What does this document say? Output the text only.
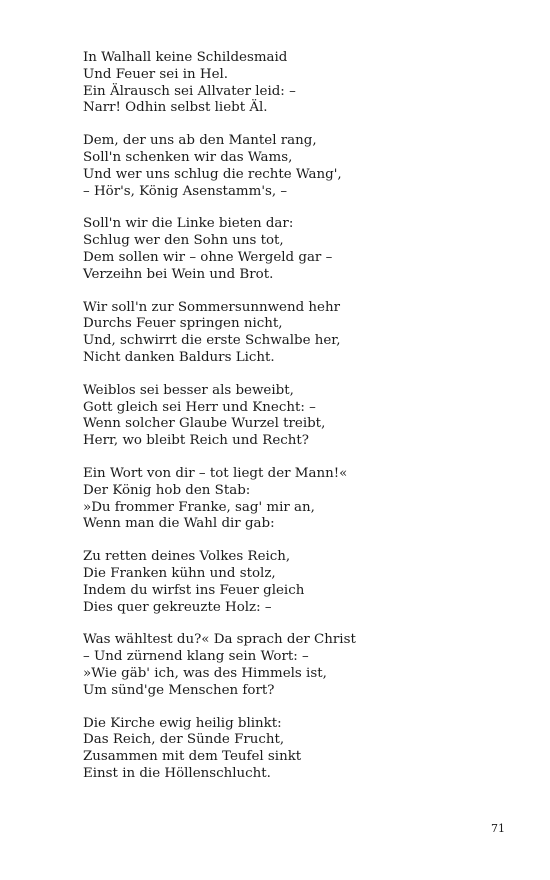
In Walhall keine Schildesmaid
Und Feuer sei in Hel.
Ein Älrausch sei Allvater leid: –
Narr! Odhin selbst liebt Äl.
Dem, der uns ab den Mantel rang,
Soll'n schenken wir das Wams,
Und wer uns schlug die rechte Wang',
– Hör's, König Asenstamm's, –
Soll'n wir die Linke bieten dar:
Schlug wer den Sohn uns tot,
Dem sollen wir – ohne Wergeld gar –
Verzeihn bei Wein und Brot.
Wir soll'n zur Sommersunnwend hehr
Durchs Feuer springen nicht,
Und, schwirrt die erste Schwalbe her,
Nicht danken Baldurs Licht.
Weiblos sei besser als beweibt,
Gott gleich sei Herr und Knecht: –
Wenn solcher Glaube Wurzel treibt,
Herr, wo bleibt Reich und Recht?
Ein Wort von dir – tot liegt der Mann!«
Der König hob den Stab:
»Du frommer Franke, sag' mir an,
Wenn man die Wahl dir gab:
Zu retten deines Volkes Reich,
Die Franken kühn und stolz,
Indem du wirfst ins Feuer gleich
Dies quer gekreuzte Holz: –
Was wähltest du?« Da sprach der Christ
– Und zürnend klang sein Wort: –
»Wie gäb' ich, was des Himmels ist,
Um sünd'ge Menschen fort?
Die Kirche ewig heilig blinkt:
Das Reich, der Sünde Frucht,
Zusammen mit dem Teufel sinkt
Einst in die Höllenschlucht.
71
